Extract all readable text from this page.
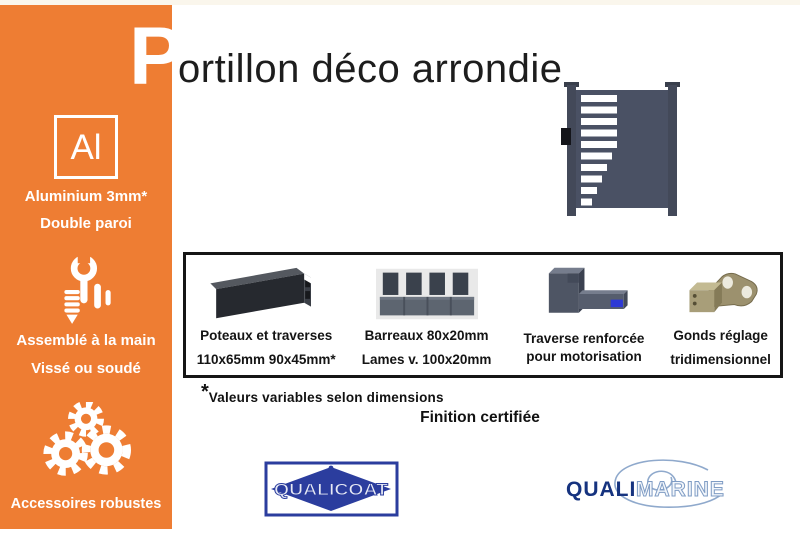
Al
Aluminium 3mm*
Double paroi
Assemblé à la main
Vissé ou soudé
Accessoires robustes
P
ortillon déco arrondie
Poteaux et traverses
110x65mm 90x45mm*
Barreaux 80x20mm
Lames v. 100x20mm
Traverse renforcée
pour motorisation
Gonds réglage
tridimensionnel
*Valeurs variables selon dimensions
Finition certifiée
QUALICOAT	QUALI MARINE
